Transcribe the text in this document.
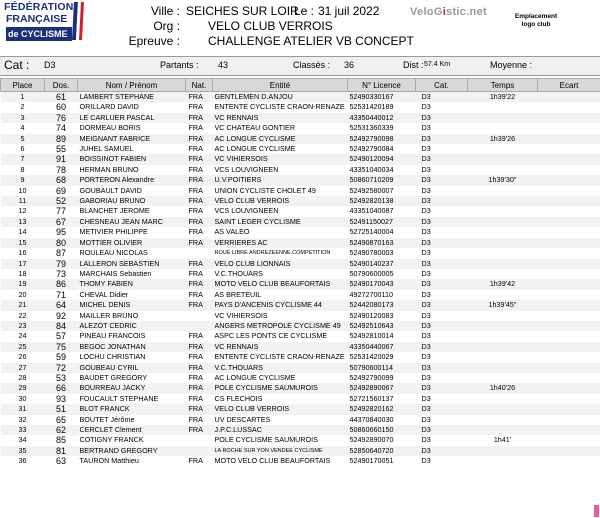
FÉDÉRATION
FRANÇAISE
de CYCLISME
Ville : SEICHES SUR LOIR
Le : 31 juil 2022
Org : VELO CLUB VERROIS
Epreuve : CHALLENGE ATELIER VB CONCEPT
VeloGistic.net	Emplacement
logo club
Cat : D3	Partants : 43	Classés : 36	Dist : 57.4 Km	Moyenne :
Place	Dos.	Nom / Prénom	Nat.	Entité	N° Licence	Cat.	Temps	Ecart
1	61	LAMBERT STEPHANE	FRA	GENTLEMEN D.ANJOU	52490330167	D3	1h39'22	
2	60	ORILLARD DAVID	FRA	ENTENTE CYCLISTE CRAON-RENAZE	52531420189	D3		
3	76	LE CARLUER PASCAL	FRA	VC RENNAIS	43350440012	D3		
4	74	DORMEAU BORIS	FRA	VC CHATEAU GONTIER	52531360339	D3		
5	89	MEIGNANT FABRICE	FRA	AC LONGUE CYCLISME	52492790098	D3	1h39'26	
6	55	JUHEL SAMUEL	FRA	AC LONGUE CYCLISME	52492790084	D3		
7	91	BOISSINOT FABIEN	FRA	VC VIHIERSOIS	52490120094	D3		
8	78	HERMAN BRUNO	FRA	VCS LOUVIGNEEN	43351040034	D3		
9	68	PORTERON Alexandre	FRA	U.V.POITIERS	50860710209	D3	1h39'30"	
10	69	GOUBAULT DAVID	FRA	UNION CYCLISTE CHOLET 49	52492580007	D3		
11	52	GABORIAU BRUNO	FRA	VELO CLUB VERROIS	52492820138	D3		
12	77	BLANCHET JEROME	FRA	VCS LOUVIGNEEN	43351040087	D3		
13	67	CHESNEAU JEAN MARC	FRA	SAINT LEGER CYCLISME	52491150027	D3		
14	95	METIVIER PHILIPPE	FRA	AS VALEO	52725140004	D3		
15	80	MOTTIER OLIVIER	FRA	VERRIERES AC	52490870163	D3		
16	87	ROULEAU NICOLAS		ROUE LIBRE ANDREZEENNE.COMPETITION	52490780003	D3		
17	79	LALLERON SEBASTIEN	FRA	VELO CLUB LIONNAIS	52490140237	D3		
18	73	MARCHAIS Sebastien	FRA	V.C.THOUARS	50790600005	D3		
19	86	THOMY FABIEN	FRA	MOTO VELO CLUB BEAUFORTAIS	52490170043	D3	1h39'42	
20	71	CHEVAL Didier	FRA	AS BRETEUIL	49272700110	D3		
21	64	MICHEL DENIS	FRA	PAYS D'ANCENIS CYCLISME 44	52442080173	D3	1h39'45"	
22	92	MAILLER BRUNO		VC VIHIERSOIS	52490120083	D3		
23	84	ALEZOT CEDRIC		ANGERS METROPOLE CYCLISME 49	52492510643	D3		
24	57	PINEAU FRANCOIS	FRA	ASPC LES PONTS CE CYCLISME	52492810014	D3		
25	75	BEGOC JONATHAN	FRA	VC RENNAIS	43350440067	D3		
26	59	LOCHU CHRISTIAN	FRA	ENTENTE CYCLISTE CRAON-RENAZE	52531420029	D3		
27	72	GOUBEAU CYRIL	FRA	V.C.THOUARS	50790600114	D3		
28	53	BAUDET GREGORY	FRA	AC LONGUE CYCLISME	52492790099	D3		
29	66	BOURREAU JACKY	FRA	POLE CYCLISME SAUMUROIS	52492890067	D3	1h40'26	
30	93	FOUCAULT STEPHANE	FRA	CS FLECHOIS	52721560137	D3		
31	51	BLOT FRANCK	FRA	VELO CLUB VERROIS	52492820162	D3		
32	65	BOUTET Jérôme	FRA	UV DESCARTES	44370840030	D3		
33	62	CERCLET Clement	FRA	J.P.C.LUSSAC	50860660150	D3		
34	85	COTIGNY FRANCK		POLE CYCLISME SAUMUROIS	52492890070	D3	1h41'	
35	81	BERTRAND GREGORY		LA ROCHE SUR YON VENDEE CYCLISME	52850640720	D3		
36	63	TAURON Matthieu	FRA	MOTO VELO CLUB BEAUFORTAIS	52490170051	D3		
